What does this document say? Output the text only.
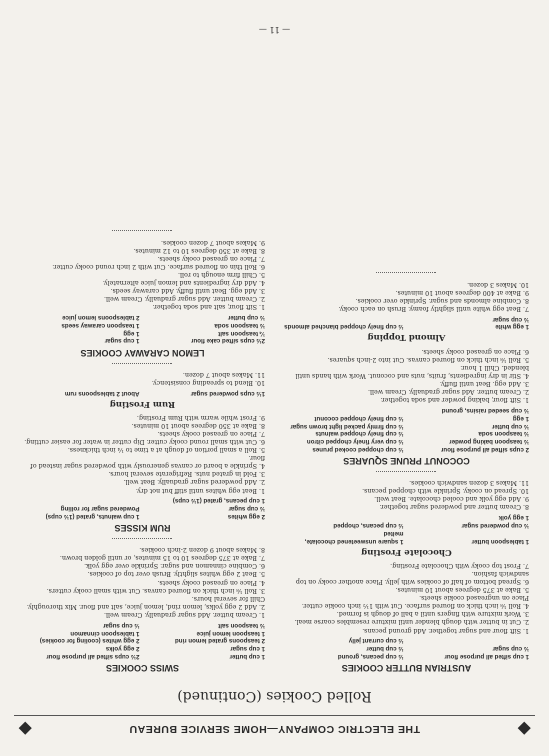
◆
THE ELECTRIC COMPANY—HOME SERVICE BUREAU
◆
Rolled Cookies (Continued)
AUSTRIAN BUTTER COOKIES
1 cup sifted all purpose flour
½ cup pecans, ground
½ cup sugar
½ cup butter
½ cup currant jelly
1. Sift flour and sugar together. Add ground pecans.
2. Cut in butter with dough blender until mixture resembles coarse meal.
3. Work mixture with fingers until a ball of dough is formed.
4. Roll ⅛ inch thick on floured surface. Cut with 1½ inch cookie cutter. Place on ungreased cookie sheets.
5. Bake at 375 degrees about 10 minutes.
6. Spread bottom of half of cookies with jelly. Place another cooky on top sandwich fashion.
7. Frost top cooky with Chocolate Frosting.
Chocolate Frosting
1 tablespoon butter
1 square unsweetened chocolate, melted
½ cup powdered sugar
½ cup pecans, chopped
1 egg yolk
8. Cream butter and powdered sugar together.
9. Add egg yolk and cooled chocolate. Beat well.
10. Spread on cooky. Sprinkle with chopped pecans.
11. Makes 3 dozen sandwich cookies.
COCONUT PRUNE SQUARES
2 cups sifted all purpose flour
½ cup chopped cooked prunes
½ teaspoon baking powder
½ cup very finely chopped citron
½ teaspoon soda
½ cup finely chopped walnuts
½ cup butter
½ cup firmly packed light brown sugar
1 egg
½ cup finely chopped coconut
½ cup seeded raisins, ground
1. Sift flour, baking powder and soda together.
2. Cream butter. Add sugar gradually. Cream well.
3. Add egg. Beat until fluffy.
4. Stir in dry ingredients, fruits, nuts and coconut. Work with hands until blended. Chill 1 hour.
5. Roll ⅛ inch thick on floured canvas. Cut into 2-inch squares.
6. Place on greased cooky sheets.
Almond Topping
1 egg white
½ cup finely chopped blanched almonds
½ cup sugar
7. Beat egg white until slightly foamy. Brush on each cooky.
8. Combine almonds and sugar. Sprinkle over cookies.
9. Bake at 400 degrees about 10 minutes.
10. Makes 3 dozen.
SWISS COOKIES
1 cup butter
2½ cups sifted all purpose flour
1 cup sugar
2 egg yolks
2 teaspoons grated lemon rind
2 egg whites (cooling for cookies)
1 teaspoon lemon juice
1 tablespoon cinnamon
½ teaspoon salt
½ cup sugar
1. Cream butter. Add sugar gradually. Cream well.
2. Add 2 egg yolks, lemon rind, lemon juice, salt and flour. Mix thoroughly. Chill for several hours.
3. Roll ⅛ inch thick on floured canvas. Cut with small cooky cutters.
4. Place on greased cooky sheets.
5. Beat 2 egg whites slightly. Brush over top of cookies.
6. Combine cinnamon and sugar. Sprinkle over egg yolk.
7. Bake at 375 degrees 10 to 15 minutes, or until golden brown.
8. Makes about 9 dozen 2-inch cookies.
RUM KISSES
2 egg whites
1 cup walnuts, grated (1½ cups)
½ cup sugar
Powdered sugar for rolling
1 cup pecans, grated (1½ cups)
1. Beat egg whites until stiff but not dry.
2. Add powdered sugar gradually. Beat well.
3. Fold in grated nuts. Refrigerate several hours.
4. Sprinkle a board or canvas generously with powdered sugar instead of flour.
5. Roll a small portion of dough at a time to ¼ inch thickness.
6. Cut with small round cooky cutter. Dip cutter in water for easier cutting.
7. Place on greased cooky sheets.
8. Bake at 350 degrees about 10 minutes.
9. Frost while warm with Rum Frosting.
Rum Frosting
1½ cups powdered sugar
About 2 tablespoons rum
10. Blend to spreading consistency.
11. Makes about 7 dozen.
LEMON CARAWAY COOKIES
2½ cups sifted cake flour
1 cup sugar
¼ teaspoon salt
1 egg
½ teaspoon soda
1 teaspoon caraway seeds
½ cup butter
2 tablespoons lemon juice
1. Sift flour, salt and soda together.
2. Cream butter. Add sugar gradually. Cream well.
3. Add egg. Beat until fluffy. Add caraway seeds.
4. Add dry ingredients and lemon juice alternately.
5. Chill firm enough to roll.
6. Roll thin on floured surface. Cut with 2 inch round cooky cutter.
7. Place on greased cooky sheets.
8. Bake at 350 degrees 10 to 12 minutes.
9. Makes about 7 dozen cookies.
— 11 —
